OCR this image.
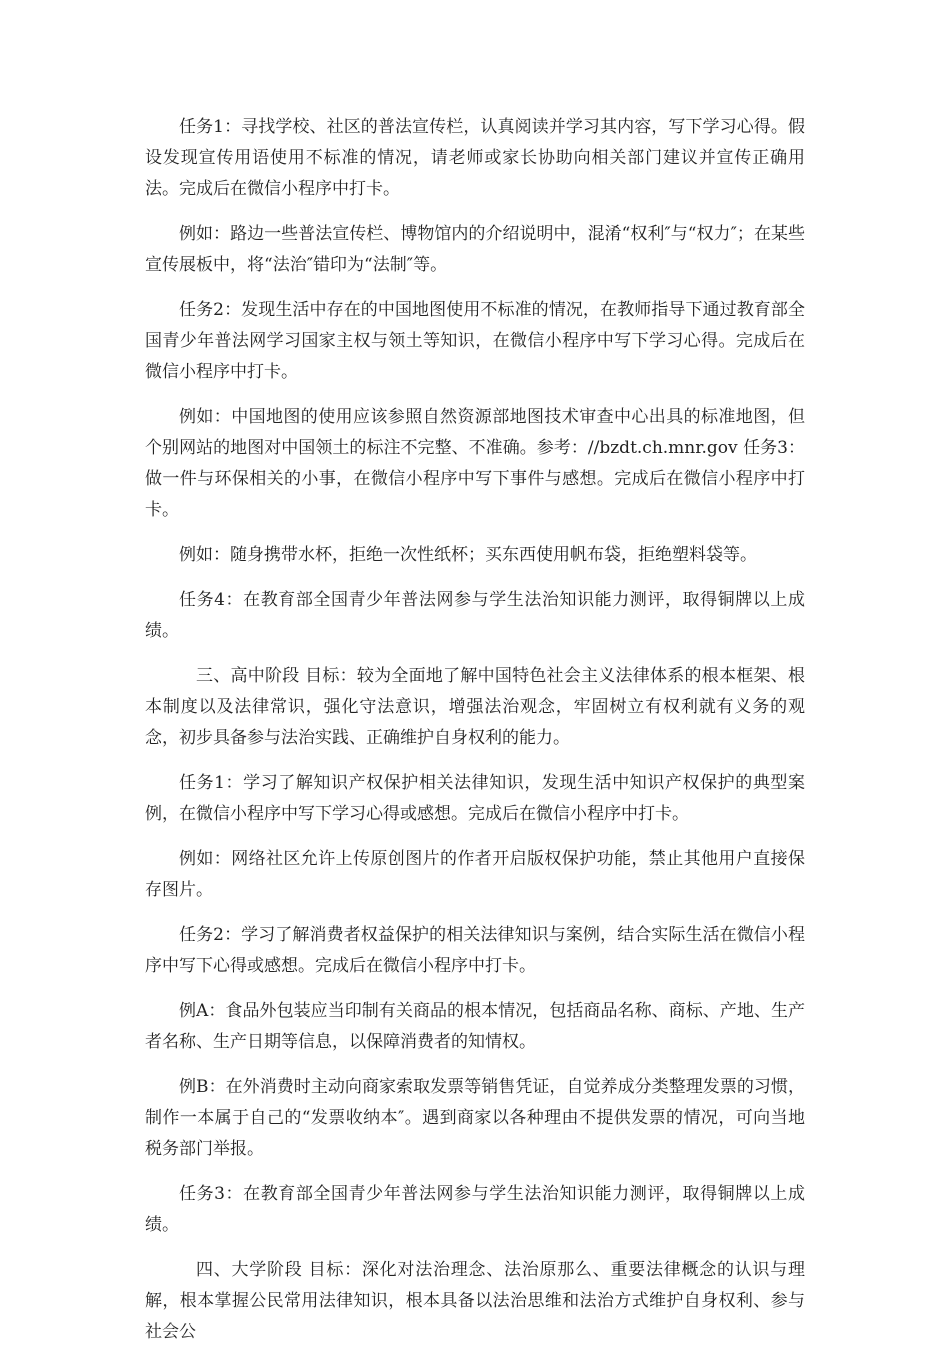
任务1：寻找学校、社区的普法宣传栏，认真阅读并学习其内容，写下学习心得。假设发现宣传用语使用不标准的情况，请老师或家长协助向相关部门建议并宣传正确用法。完成后在微信小程序中打卡。

例如：路边一些普法宣传栏、博物馆内的介绍说明中，混淆“权利″与“权力″；在某些宣传展板中，将“法治″错印为“法制″等。

任务2：发现生活中存在的中国地图使用不标准的情况，在教师指导下通过教育部全国青少年普法网学习国家主权与领土等知识，在微信小程序中写下学习心得。完成后在微信小程序中打卡。

例如：中国地图的使用应该参照自然资源部地图技术审查中心出具的标准地图，但个别网站的地图对中国领土的标注不完整、不准确。参考：//bzdt.ch.mnr.gov 任务3：做一件与环保相关的小事，在微信小程序中写下事件与感想。完成后在微信小程序中打卡。

例如：随身携带水杯，拒绝一次性纸杯；买东西使用帆布袋，拒绝塑料袋等。

任务4：在教育部全国青少年普法网参与学生法治知识能力测评，取得铜牌以上成绩。

三、高中阶段 目标：较为全面地了解中国特色社会主义法律体系的根本框架、根本制度以及法律常识，强化守法意识，增强法治观念，牢固树立有权利就有义务的观念，初步具备参与法治实践、正确维护自身权利的能力。

任务1：学习了解知识产权保护相关法律知识，发现生活中知识产权保护的典型案例，在微信小程序中写下学习心得或感想。完成后在微信小程序中打卡。

例如：网络社区允许上传原创图片的作者开启版权保护功能，禁止其他用户直接保存图片。

任务2：学习了解消费者权益保护的相关法律知识与案例，结合实际生活在微信小程序中写下心得或感想。完成后在微信小程序中打卡。

例A：食品外包装应当印制有关商品的根本情况，包括商品名称、商标、产地、生产者名称、生产日期等信息，以保障消费者的知情权。

例B：在外消费时主动向商家索取发票等销售凭证，自觉养成分类整理发票的习惯，制作一本属于自己的“发票收纳本″。遇到商家以各种理由不提供发票的情况，可向当地税务部门举报。

任务3：在教育部全国青少年普法网参与学生法治知识能力测评，取得铜牌以上成绩。

四、大学阶段 目标：深化对法治理念、法治原那么、重要法律概念的认识与理解，根本掌握公民常用法律知识，根本具备以法治思维和法治方式维护自身权利、参与社会公
